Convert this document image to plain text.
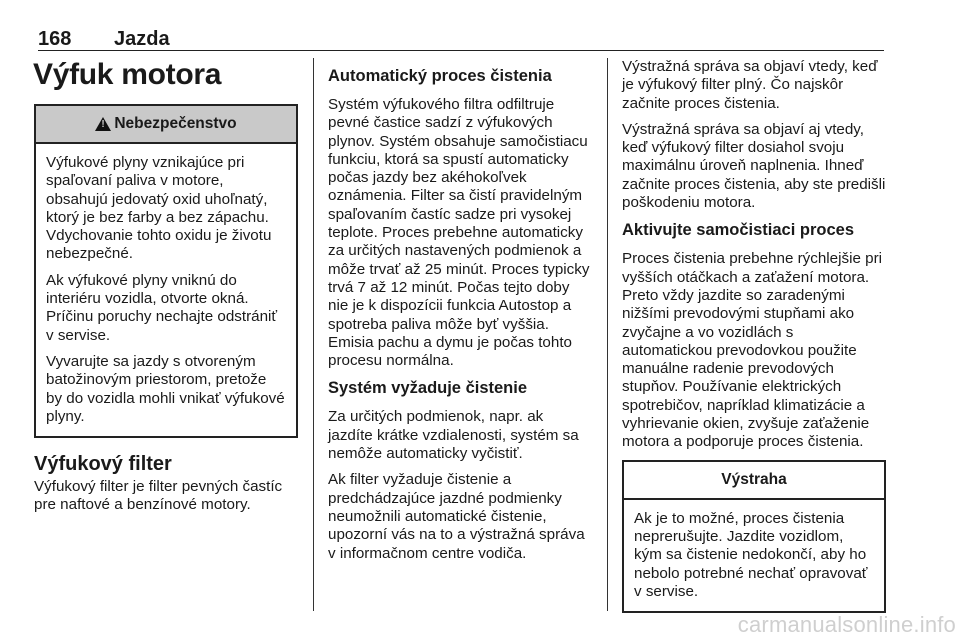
168 Jazda
Výfuk motora
!
Nebezpečenstvo

Výfukové plyny vznikajúce pri spaľovaní paliva v motore, obsahujú jedovatý oxid uhoľnatý, ktorý je bez farby a bez zápachu. Vdychovanie tohto oxidu je životu nebezpečné.

Ak výfukové plyny vniknú do interiéru vozidla, otvorte okná. Príčinu poruchy nechajte odstrániť v servise.

Vyvarujte sa jazdy s otvoreným batožinovým priestorom, pretože by do vozidla mohli vnikať výfukové plyny.

Výfukový filter

Výfukový filter je filter pevných častíc pre naftové a benzínové motory.

Automatický proces čistenia

Systém výfukového filtra odfiltruje pevné častice sadzí z výfukových plynov. Systém obsahuje samočistiacu funkciu, ktorá sa spustí automaticky počas jazdy bez akéhokoľvek oznámenia. Filter sa čistí pravidelným spaľovaním častíc sadze pri vysokej teplote. Proces prebehne automaticky za určitých nastavených podmienok a môže trvať až 25 minút. Proces typicky trvá 7 až 12 minút. Počas tejto doby nie je k dispozícii funkcia Autostop a spotreba paliva môže byť vyššia. Emisia pachu a dymu je počas tohto procesu normálna.

Systém vyžaduje čistenie

Za určitých podmienok, napr. ak jazdíte krátke vzdialenosti, systém sa nemôže automaticky vyčistiť.

Ak filter vyžaduje čistenie a predchádzajúce jazdné podmienky neumožnili automatické čistenie, upozorní vás na to a výstražná správa v informačnom centre vodiča.

Výstražná správa sa objaví vtedy, keď je výfukový filter plný. Čo najskôr začnite proces čistenia.

Výstražná správa sa objaví aj vtedy, keď výfukový filter dosiahol svoju maximálnu úroveň naplnenia. Ihneď začnite proces čistenia, aby ste predišli poškodeniu motora.

Aktivujte samočistiaci proces

Proces čistenia prebehne rýchlejšie pri vyšších otáčkach a zaťažení motora. Preto vždy jazdite so zaradenými nižšími prevodovými stupňami ako zvyčajne a vo vozidlách s automatickou prevodovkou použite manuálne radenie prevodových stupňov. Používanie elektrických spotrebičov, napríklad klimatizácie a vyhrievanie okien, zvyšuje zaťaženie motora a podporuje proces čistenia.

Výstraha

Ak je to možné, proces čistenia neprerušujte. Jazdite vozidlom, kým sa čistenie nedokončí, aby ho nebolo potrebné nechať opravovať v servise.

carmanualsonline.info
